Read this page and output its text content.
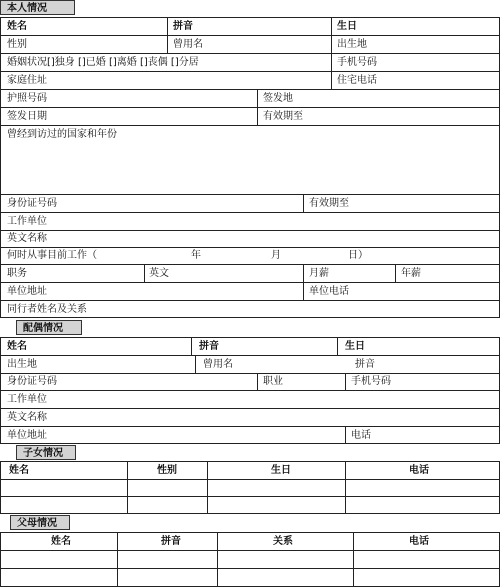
本人情况
姓名	拼音	生日
性别	曾用名	出生地
婚姻状况[]独身 []已婚 []离婚 []丧偶 []分居	手机号码
家庭住址	住宅电话
护照号码	签发地
签发日期	有效期至
曾经到访过的国家和年份
身份证号码	有效期至
工作单位
英文名称
何时从事目前工作（	年	月	日）
职务	英文	月薪	年薪
单位地址	单位电话
同行者姓名及关系
配偶情况
姓名	拼音	生日
出生地	曾用名	拼音
身份证号码	职业	手机号码
工作单位
英文名称
单位地址	电话
子女情况
姓名	性别	生日	电话
父母情况
姓名	拼音	关系	电话
